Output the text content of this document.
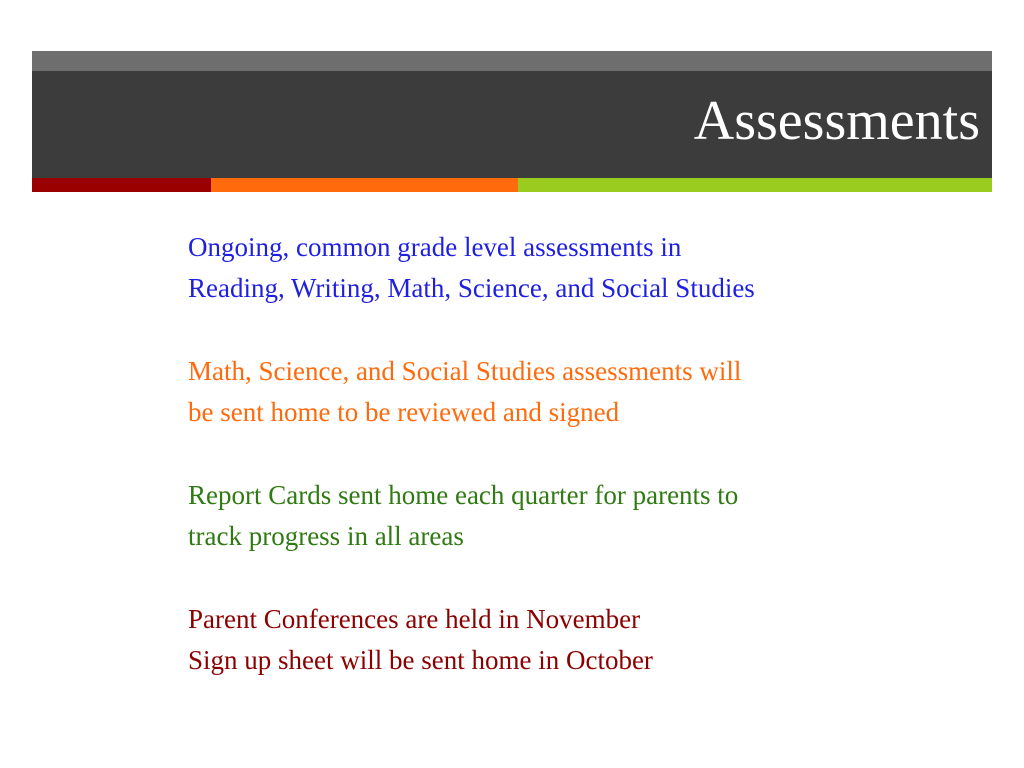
Assessments

Ongoing, common grade level assessments in
Reading, Writing, Math, Science, and Social Studies

Math, Science, and Social Studies assessments will
be sent home to be reviewed and signed

Report Cards sent home each quarter for parents to
track progress in all areas

Parent Conferences are held in November
Sign up sheet will be sent home in October
